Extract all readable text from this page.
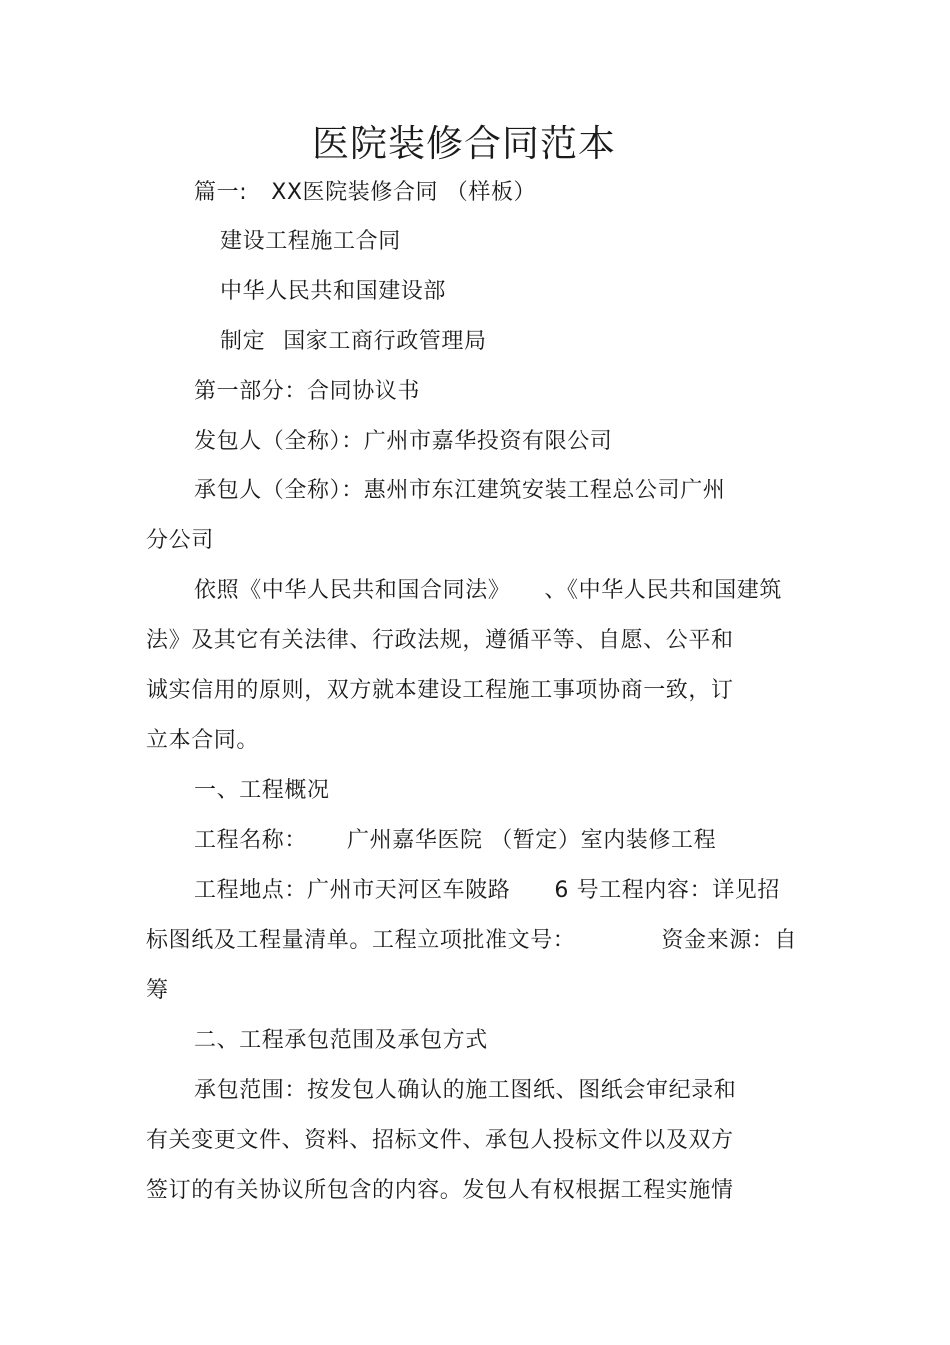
医院装修合同范本
篇一: XX医院装修合同 （样板）
建设工程施工合同
中华人民共和国建设部
制定 国家工商行政管理局
第一部分：合同协议书
发包人（全称）：广州市嘉华投资有限公司
承包人（全称）：惠州市东江建筑安装工程总公司广州
分公司
依照《中华人民共和国合同法》 、《中华人民共和国建筑
法》及其它有关法律、行政法规，遵循平等、自愿、公平和
诚实信用的原则，双方就本建设工程施工事项协商一致，订
立本合同。
一、工程概况
工程名称： 广州嘉华医院 （暂定）室内装修工程
工程地点：广州市天河区车陂路 6 号工程内容：详见招
标图纸及工程量清单。工程立项批准文号：	资金来源：自
筹
二、工程承包范围及承包方式
承包范围：按发包人确认的施工图纸、图纸会审纪录和
有关变更文件、资料、招标文件、承包人投标文件以及双方
签订的有关协议所包含的内容。发包人有权根据工程实施情
